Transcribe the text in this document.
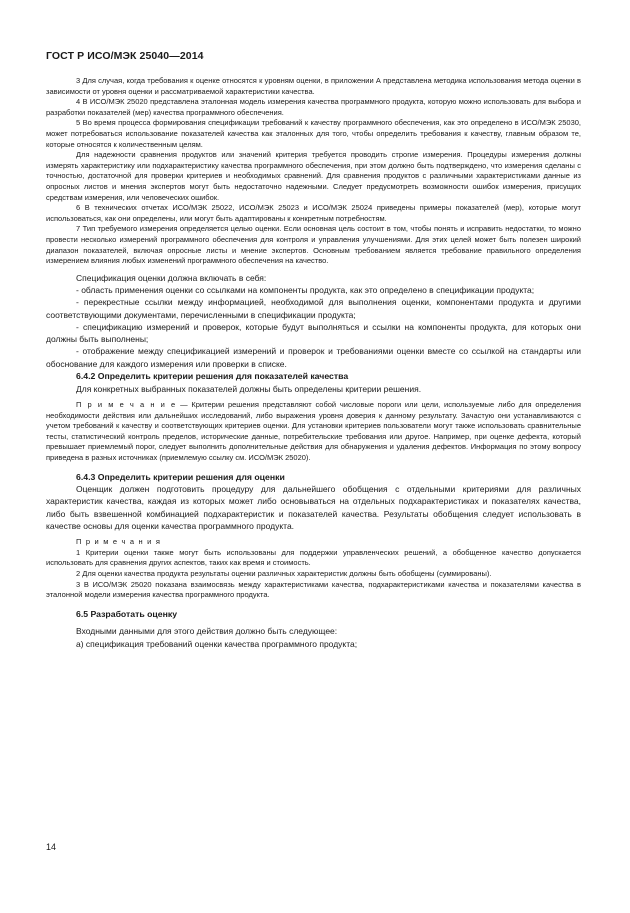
ГОСТ Р ИСО/МЭК 25040—2014

3 Для случая, когда требования к оценке относятся к уровням оценки, в приложении А представлена методика использования метода оценки в зависимости от уровня оценки и рассматриваемой характеристики качества.

4 В ИСО/МЭК 25020 представлена эталонная модель измерения качества программного продукта, которую можно использовать для выбора и разработки показателей (мер) качества программного обеспечения.

5 Во время процесса формирования спецификации требований к качеству программного обеспечения, как это определено в ИСО/МЭК 25030, может потребоваться использование показателей качества как эталонных для того, чтобы определить требования к качеству, главным образом те, которые относятся к количественным целям.

Для надежности сравнения продуктов или значений критерия требуется проводить строгие измерения. Процедуры измерения должны измерять характеристику или подхарактеристику качества программного обеспечения, при этом должно быть подтверждено, что измерения сделаны с точностью, достаточной для проверки критериев и необходимых сравнений. Для сравнения продуктов с различными характеристиками данные из опросных листов и мнения экспертов могут быть недостаточно надежными. Следует предусмотреть возможности ошибок измерения, присущих средствам измерения, или человеческих ошибок.

6 В технических отчетах ИСО/МЭК 25022, ИСО/МЭК 25023 и ИСО/МЭК 25024 приведены примеры показателей (мер), которые могут использоваться, как они определены, или могут быть адаптированы к конкретным потребностям.

7 Тип требуемого измерения определяется целью оценки. Если основная цель состоит в том, чтобы понять и исправить недостатки, то можно провести несколько измерений программного обеспечения для контроля и управления улучшениями. Для этих целей может быть полезен широкий диапазон показателей, включая опросные листы и мнение экспертов. Основным требованием является требование правильного определения измерением влияния любых изменений программного обеспечения на качество.

Спецификация оценки должна включать в себя:

- область применения оценки со ссылками на компоненты продукта, как это определено в спецификации продукта;

- перекрестные ссылки между информацией, необходимой для выполнения оценки, компонентами продукта и другими соответствующими документами, перечисленными в спецификации продукта;

- спецификацию измерений и проверок, которые будут выполняться и ссылки на компоненты продукта, для которых они должны быть выполнены;

- отображение между спецификацией измерений и проверок и требованиями оценки вместе со ссылкой на стандарты или обоснование для каждого измерения или проверки в списке.

6.4.2 Определить критерии решения для показателей качества

Для конкретных выбранных показателей должны быть определены критерии решения.

П р и м е ч а н и е — Критерии решения представляют собой числовые пороги или цели, используемые либо для определения необходимости действия или дальнейших исследований, либо выражения уровня доверия к данному результату. Зачастую они устанавливаются с учетом требований к качеству и соответствующих критериев оценки. Для установки критериев пользователи могут также использовать сравнительные тесты, статистический контроль пределов, исторические данные, потребительские требования или другое. Например, при оценке дефекта, который превышает приемлемый порог, следует выполнить дополнительные действия для обнаружения и удаления дефектов. Информация по этому вопросу приведена в разных источниках (приемлемую ссылку см. ИСО/МЭК 25020).

6.4.3 Определить критерии решения для оценки

Оценщик должен подготовить процедуру для дальнейшего обобщения с отдельными критериями для различных характеристик качества, каждая из которых может либо основываться на отдельных подхарактеристиках и показателях качества, либо быть взвешенной комбинацией подхарактеристик и показателей качества. Результаты обобщения следует использовать в качестве основы для оценки качества программного продукта.

П р и м е ч а н и я

1 Критерии оценки также могут быть использованы для поддержки управленческих решений, а обобщенное качество допускается использовать для сравнения других аспектов, таких как время и стоимость.

2 Для оценки качества продукта результаты оценки различных характеристик должны быть обобщены (суммированы).

3 В ИСО/МЭК 25020 показана взаимосвязь между характеристиками качества, подхарактеристиками качества и показателями качества в эталонной модели измерения качества программного продукта.

6.5 Разработать оценку

Входными данными для этого действия должно быть следующее:

а) спецификация требований оценки качества программного продукта;

14
